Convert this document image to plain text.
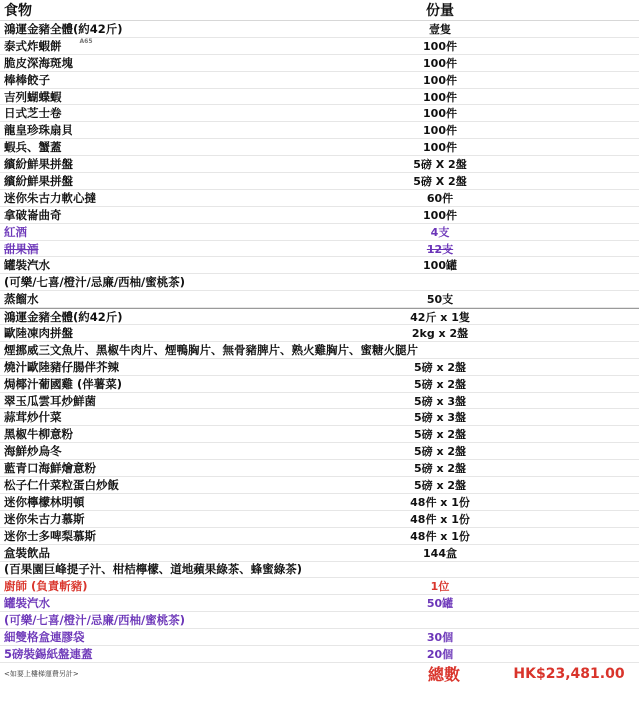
食物	份量
鴻運金豬全體(約42斤)	壹隻
泰式炸蝦餅	$^{A65}$	100件
脆皮深海斑塊	100件
棒棒餃子	100件
吉列蝴蝶蝦	100件
日式芝士卷	100件
龍皇珍珠扇貝	100件
蝦兵、蟹蓋	100件
繽紛鮮果拼盤	5磅 X 2盤
繽紛鮮果拼盤	5磅 X 2盤
迷你朱古力軟心撻	60件
拿破崙曲奇	100件
紅酒	4支
甜果酒	12支
罐裝汽水	100罐
(可樂/七喜/橙汁/忌廉/西柚/蜜桃茶)
蒸餾水	50支
鴻運金豬全體(約42斤)	42斤 x 1隻
歐陸凍肉拼盤	2kg x 2盤
煙挪威三文魚片、黑椒牛肉片、煙鴨胸片、無骨豬脾片、熟火雞胸片、蜜糖火腿片
燒汁歐陸豬仔腸伴芥辣	5磅 x 2盤
焗椰汁葡國雞 (伴薯菜)	5磅 x 2盤
翠玉瓜雲耳炒鮮菌	5磅 x 3盤
蒜茸炒什菜	5磅 x 3盤
黑椒牛柳意粉	5磅 x 2盤
海鮮炒烏冬	5磅 x 2盤
藍青口海鮮燴意粉	5磅 x 2盤
松子仁什菜粒蛋白炒飯	5磅 x 2盤
迷你檸檬林明頓	48件 x 1份
迷你朱古力慕斯	48件 x 1份
迷你士多啤梨慕斯	48件 x 1份
盒裝飲品	144盒
(百果園巨峰提子汁、柑桔檸檬、道地蘋果綠茶、蜂蜜綠茶)
廚師 (負責斬豬)	1位
罐裝汽水	50罐
(可樂/七喜/橙汁/忌廉/西柚/蜜桃茶)
細雙格盒連膠袋	30個
5磅裝錫紙盤連蓋	20個
<如要上樓梯運費另計>	總數	HK$23,481.00
